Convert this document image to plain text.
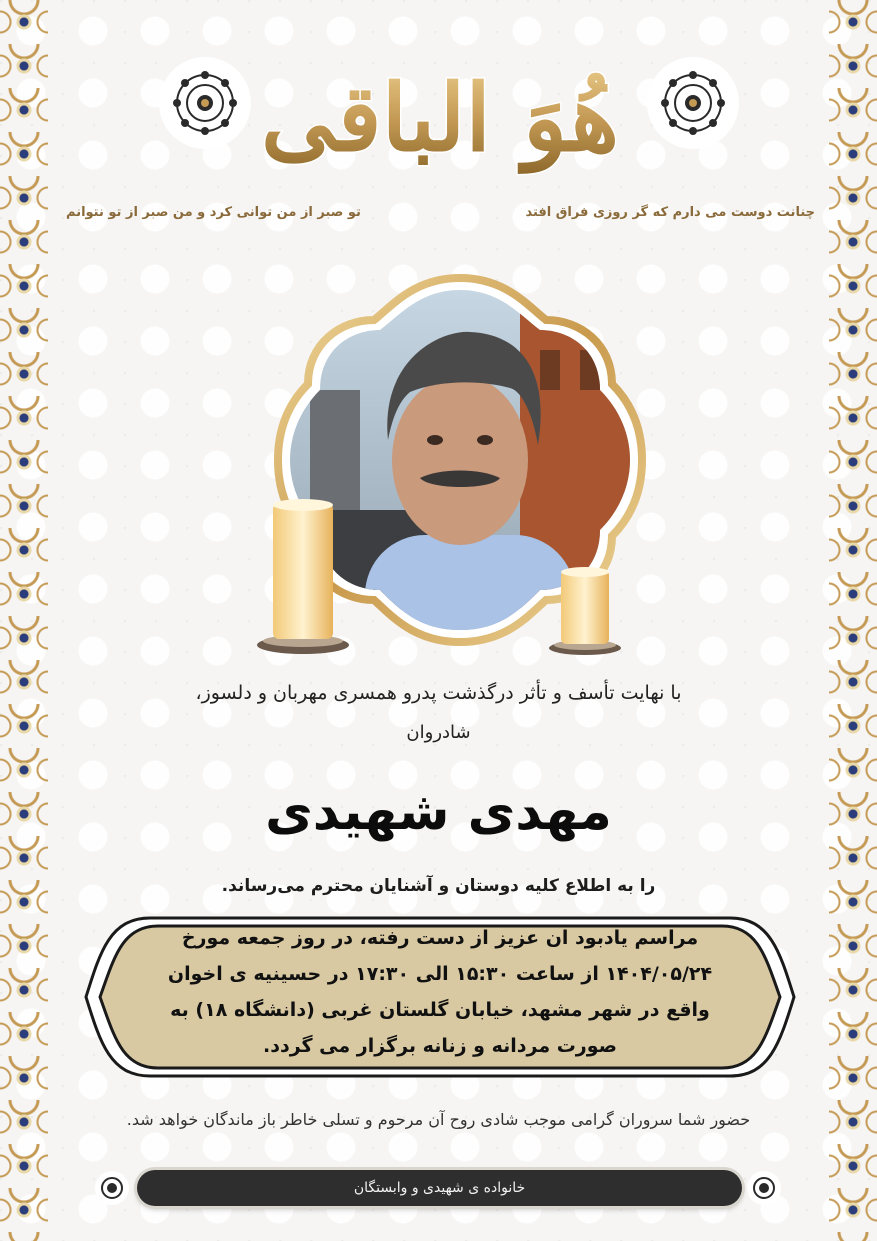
هُوَ الباقی
چنانت دوست می دارم که گر روزی فراق افتد
تو صبر از من توانی کرد و من صبر از تو نتوانم
با نهایت تأسف و تأثر درگذشت پدرو همسری مهربان و دلسوز،
شادروان
مهدی شهیدی
را به اطلاع کلیه دوستان و آشنایان محترم می‌رساند.
مراسم یادبود ان عزیز از دست رفته، در روز جمعه مورخ
۱۴۰۴/۰۵/۲۴ از ساعت ۱۵:۳۰ الی ۱۷:۳۰ در حسینیه ی اخوان
واقع در شهر مشهد، خیابان گلستان غربی (دانشگاه ۱۸) به
صورت مردانه و زنانه برگزار می گردد.
حضور شما سروران گرامی موجب شادی روح آن مرحوم و تسلی خاطر باز ماندگان خواهد شد.
خانواده ی شهیدی و وابستگان
